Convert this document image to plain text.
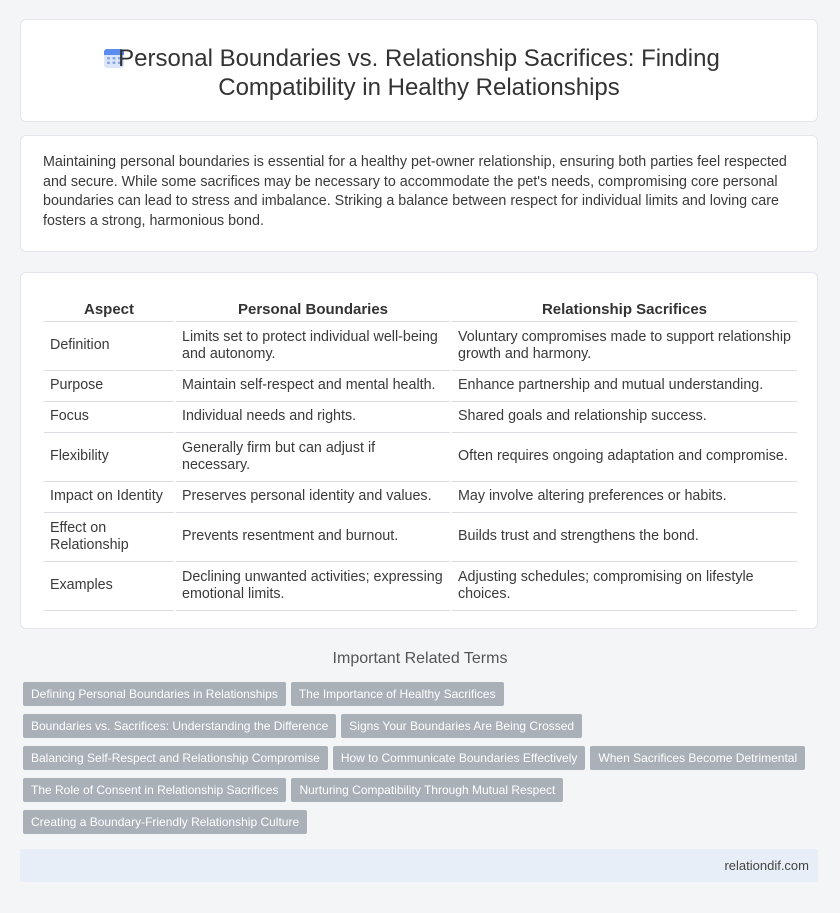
Personal Boundaries vs. Relationship Sacrifices: Finding Compatibility in Healthy Relationships

Maintaining personal boundaries is essential for a healthy pet-owner relationship, ensuring both parties feel respected and secure. While some sacrifices may be necessary to accommodate the pet's needs, compromising core personal boundaries can lead to stress and imbalance. Striking a balance between respect for individual limits and loving care fosters a strong, harmonious bond.

Aspect	Personal Boundaries	Relationship Sacrifices
Definition	Limits set to protect individual well-being and autonomy.	Voluntary compromises made to support relationship growth and harmony.
Purpose	Maintain self-respect and mental health.	Enhance partnership and mutual understanding.
Focus	Individual needs and rights.	Shared goals and relationship success.
Flexibility	Generally firm but can adjust if necessary.	Often requires ongoing adaptation and compromise.
Impact on Identity	Preserves personal identity and values.	May involve altering preferences or habits.
Effect on Relationship	Prevents resentment and burnout.	Builds trust and strengthens the bond.
Examples	Declining unwanted activities; expressing emotional limits.	Adjusting schedules; compromising on lifestyle choices.
Important Related Terms
Defining Personal Boundaries in Relationships The Importance of Healthy Sacrifices
Boundaries vs. Sacrifices: Understanding the Difference Signs Your Boundaries Are Being Crossed
Balancing Self-Respect and Relationship Compromise How to Communicate Boundaries Effectively When Sacrifices Become Detrimental
The Role of Consent in Relationship Sacrifices Nurturing Compatibility Through Mutual Respect
Creating a Boundary-Friendly Relationship Culture
relationdif.com
